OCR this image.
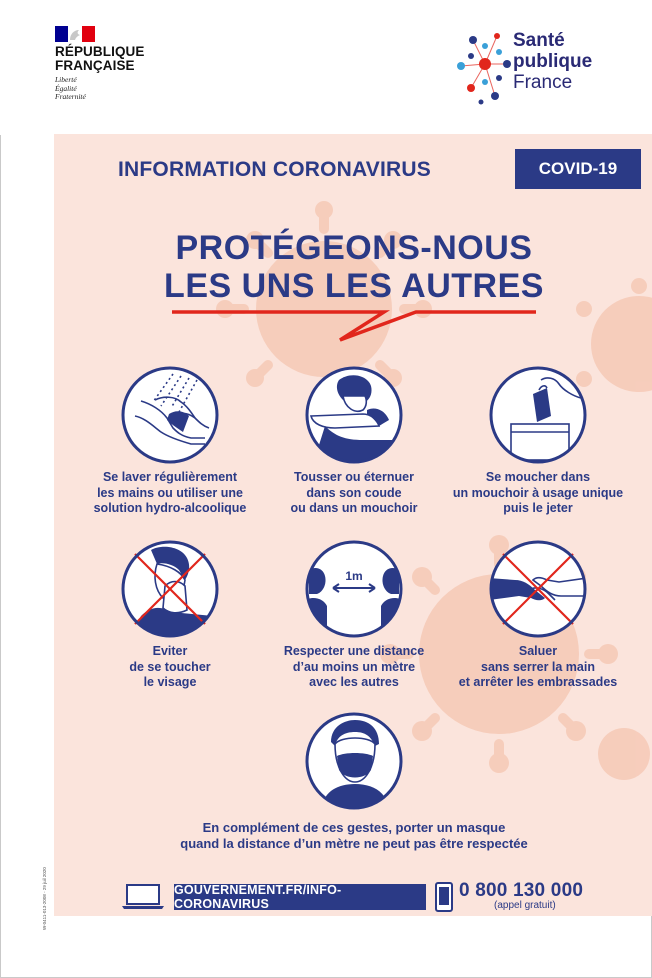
RÉPUBLIQUE
FRANÇAISE
Liberté
Égalité
Fraternité
Santé
publique
France
INFORMATION CORONAVIRUS	COVID-19
PROTÉGEONS-NOUS
LES UNS LES AUTRES
Se laver régulièrement
les mains ou utiliser une
solution hydro-alcoolique
Tousser ou éternuer
dans son coude
ou dans un mouchoir
Se moucher dans
un mouchoir à usage unique
puis le jeter
Eviter
de se toucher
le visage
1m
Respecter une distance
d’au moins un mètre
avec les autres
Saluer
sans serrer la main
et arrêter les embrassades
En complément de ces gestes, porter un masque
quand la distance d’un mètre ne peut pas être respectée
GOUVERNEMENT.FR/INFO-CORONAVIRUS
0 800 130 000
(appel gratuit)
W-0411-013-2008 - 29 juil 2020
